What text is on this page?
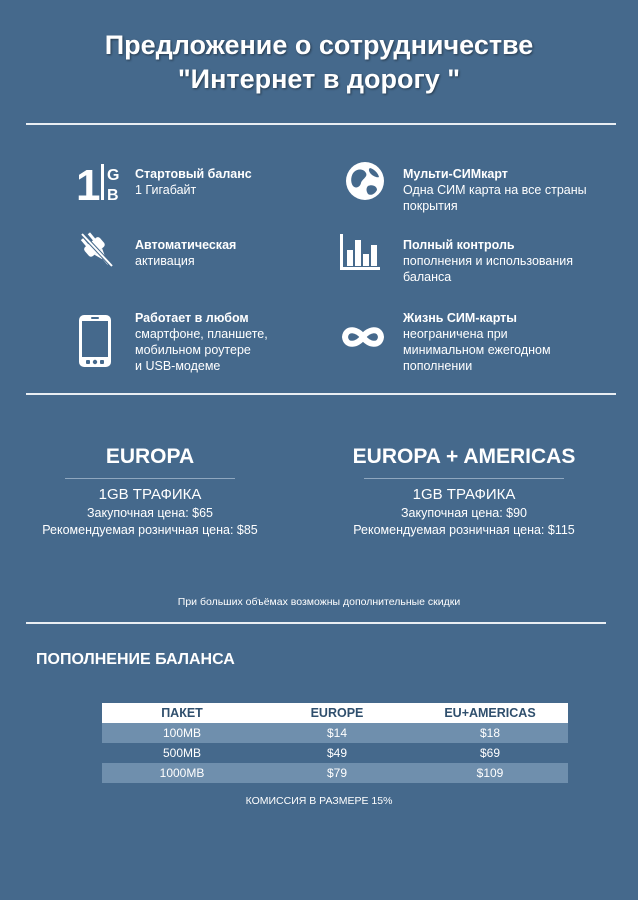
Предложение о сотрудничестве
"Интернет в дорогу "
1 G
B
Стартовый баланс
1 Гигабайт
Мульти-СИМкарт
Одна СИМ карта на все страны
покрытия
Автоматическая
активация
Полный контроль
пополнения и использования
баланса
Работает в любом
смартфоне, планшете,
мобильном роутере
и USB-модеме
Жизнь СИМ-карты
неограничена при
минимальном ежегодном
пополнении
EUROPA
1GB ТРАФИКА
Закупочная цена: $65
Рекомендуемая розничная цена: $85
EUROPA + AMERICAS
1GB ТРАФИКА
Закупочная цена: $90
Рекомендуемая розничная цена: $115
При больших объёмах возможны дополнительные скидки
ПОПОЛНЕНИЕ БАЛАНСА
ПАКЕТ	EUROPE	EU+AMERICAS
100MB	$14	$18
500MB	$49	$69
1000MB	$79	$109
КОМИССИЯ В РАЗМЕРЕ 15%
